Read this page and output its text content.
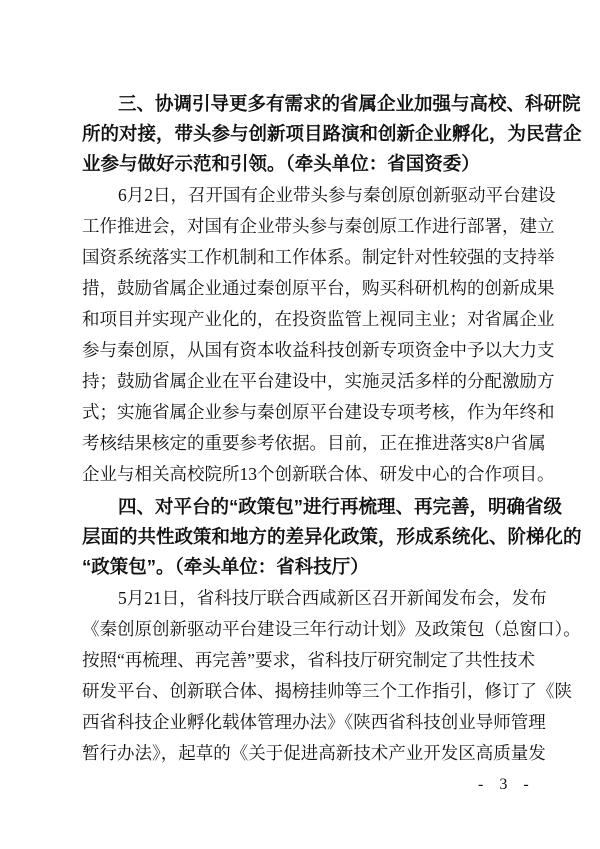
三、协调引导更多有需求的省属企业加强与高校、科研院
所的对接，带头参与创新项目路演和创新企业孵化，为民营企
业参与做好示范和引领。（牵头单位：省国资委）
6月2日，召开国有企业带头参与秦创原创新驱动平台建设
工作推进会，对国有企业带头参与秦创原工作进行部署，建立
国资系统落实工作机制和工作体系。制定针对性较强的支持举
措，鼓励省属企业通过秦创原平台，购买科研机构的创新成果
和项目并实现产业化的，在投资监管上视同主业；对省属企业
参与秦创原，从国有资本收益科技创新专项资金中予以大力支
持；鼓励省属企业在平台建设中，实施灵活多样的分配激励方
式；实施省属企业参与秦创原平台建设专项考核，作为年终和
考核结果核定的重要参考依据。目前，正在推进落实8户省属
企业与相关高校院所13个创新联合体、研发中心的合作项目。
四、对平台的“政策包”进行再梳理、再完善，明确省级
层面的共性政策和地方的差异化政策，形成系统化、阶梯化的
“政策包”。（牵头单位：省科技厅）
5月21日，省科技厅联合西咸新区召开新闻发布会，发布
《秦创原创新驱动平台建设三年行动计划》及政策包（总窗口）。
按照“再梳理、再完善”要求，省科技厅研究制定了共性技术
研发平台、创新联合体、揭榜挂帅等三个工作指引，修订了《陕
西省科技企业孵化载体管理办法》《陕西省科技创业导师管理
暂行办法》，起草的《关于促进高新技术产业开发区高质量发
- 3 -
